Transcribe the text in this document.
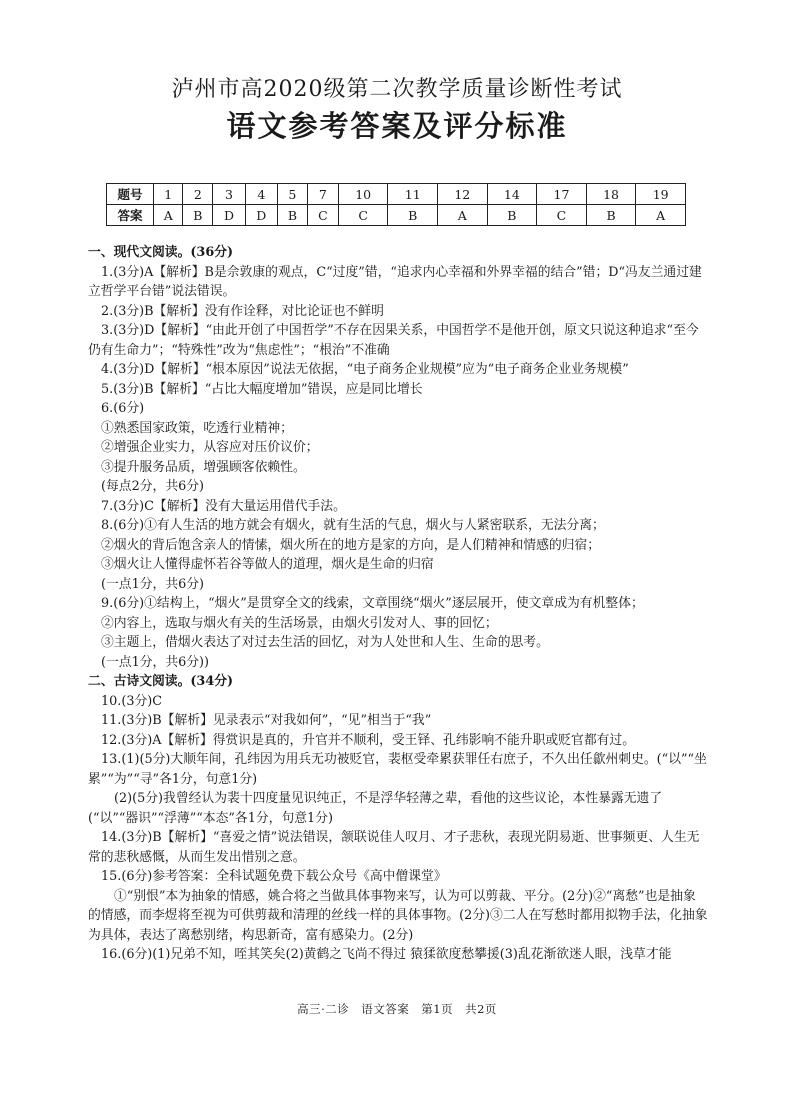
泸州市高2020级第二次教学质量诊断性考试
语文参考答案及评分标准
题号	1	2	3	4	5	7	10	11	12	14	17	18	19
答案	A	B	D	D	B	C	C	B	A	B	C	B	A

一、现代文阅读。(36分)

1.(3分)A【解析】B是佘敦康的观点，C“过度”错，“追求内心幸福和外界幸福的结合”错；D“冯友兰通过建立哲学平台错”说法错误。

2.(3分)B【解析】没有作诠释，对比论证也不鲜明

3.(3分)D【解析】“由此开创了中国哲学”不存在因果关系，中国哲学不是他开创，原文只说这种追求“至今仍有生命力”；“特殊性”改为“焦虑性”；“根治”不准确

4.(3分)D【解析】“根本原因”说法无依据，“电子商务企业规模”应为“电子商务企业业务规模”

5.(3分)B【解析】“占比大幅度增加”错误，应是同比增长

6.(6分)

①熟悉国家政策，吃透行业精神；

②增强企业实力，从容应对压价议价；

③提升服务品质，增强顾客依赖性。

(每点2分，共6分)

7.(3分)C【解析】没有大量运用借代手法。

8.(6分)①有人生活的地方就会有烟火，就有生活的气息，烟火与人紧密联系，无法分离；

②烟火的背后饱含亲人的情愫，烟火所在的地方是家的方向，是人们精神和情感的归宿；

③烟火让人懂得虚怀若谷等做人的道理，烟火是生命的归宿

(一点1分，共6分)

9.(6分)①结构上，“烟火”是贯穿全文的线索，文章围绕“烟火”逐层展开，使文章成为有机整体；

②内容上，选取与烟火有关的生活场景，由烟火引发对人、事的回忆；

③主题上，借烟火表达了对过去生活的回忆，对为人处世和人生、生命的思考。

(一点1分，共6分))

二、古诗文阅读。(34分)

10.(3分)C

11.(3分)B【解析】见录表示“对我如何”，“见”相当于“我”

12.(3分)A【解析】得赏识是真的，升官并不顺利，受王铎、孔纬影响不能升职或贬官都有过。

13.(1)(5分)大顺年间，孔纬因为用兵无功被贬官，裴枢受牵累获罪任右庶子，不久出任歙州刺史。(“以”“坐累”“为”“寻”各1分，句意1分)

(2)(5分)我曾经认为裴十四度量见识纯正，不是浮华轻薄之辈，看他的这些议论，本性暴露无遗了(“以”“器识”“浮薄”“本态”各1分，句意1分)

14.(3分)B【解析】“喜爱之情”说法错误，颔联说佳人叹月、才子悲秋，表现光阴易逝、世事频更、人生无常的悲秋感慨，从而生发出惜别之意。

15.(6分)参考答案：全科试题免费下载公众号《高中僧课堂》

①“别恨”本为抽象的情感，姚合将之当做具体事物来写，认为可以剪裁、平分。(2分)②“离愁”也是抽象的情感，而李煜将至视为可供剪裁和清理的丝线一样的具体事物。(2分)③二人在写愁时都用拟物手法，化抽象为具体，表达了离愁别绪，构思新奇，富有感染力。(2分)

16.(6分)(1)兄弟不知，咥其笑矣(2)黄鹤之飞尚不得过 猿猱欲度愁攀援(3)乱花渐欲迷人眼，浅草才能

高三·二诊　语文答案　第1页　共2页
